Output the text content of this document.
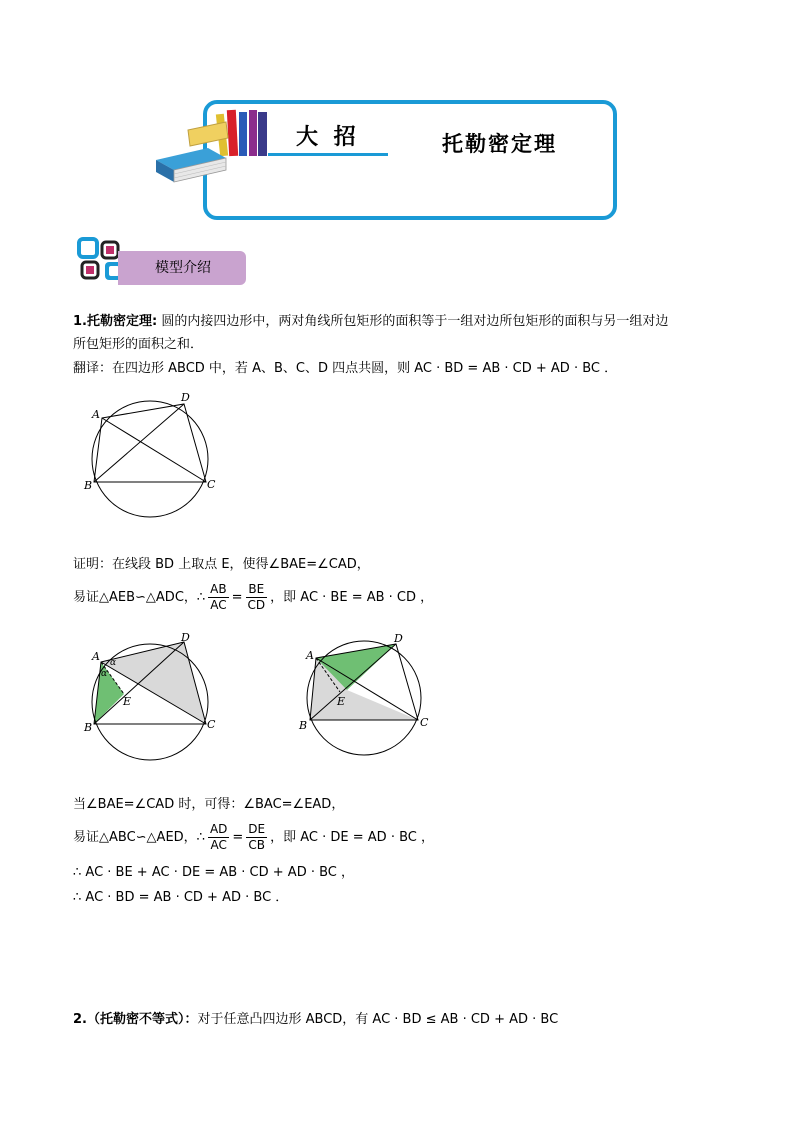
大 招	托勒密定理
模型介绍
1.托勒密定理: 圆的内接四边形中，两对角线所包矩形的面积等于一组对边所包矩形的面积与另一组对边
所包矩形的面积之和．
翻译：在四边形 ABCD 中，若 A、B、C、D 四点共圆，则 AC · BD = AB · CD + AD · BC ．
A
D
B	C
证明：在线段 BD 上取点 E，使得∠BAE=∠CAD，
易证△AEB∽△ADC，∴ $\frac{AB}{AC} = \frac{BE}{CD}$ ，即 AC · BE = AB · CD ，
A
D
B	C
E
α
α
A
D
B	C
E
当∠BAE=∠CAD 时，可得：∠BAC=∠EAD，
易证△ABC∽△AED，∴ $\frac{AD}{AC} = \frac{DE}{CB}$ ，即 AC · DE = AD · BC ，
∴ AC · BE + AC · DE = AB · CD + AD · BC ，
∴ AC · BD = AB · CD + AD · BC ．
2.（托勒密不等式）：对于任意凸四边形 ABCD，有 AC · BD ≤ AB · CD + AD · BC
